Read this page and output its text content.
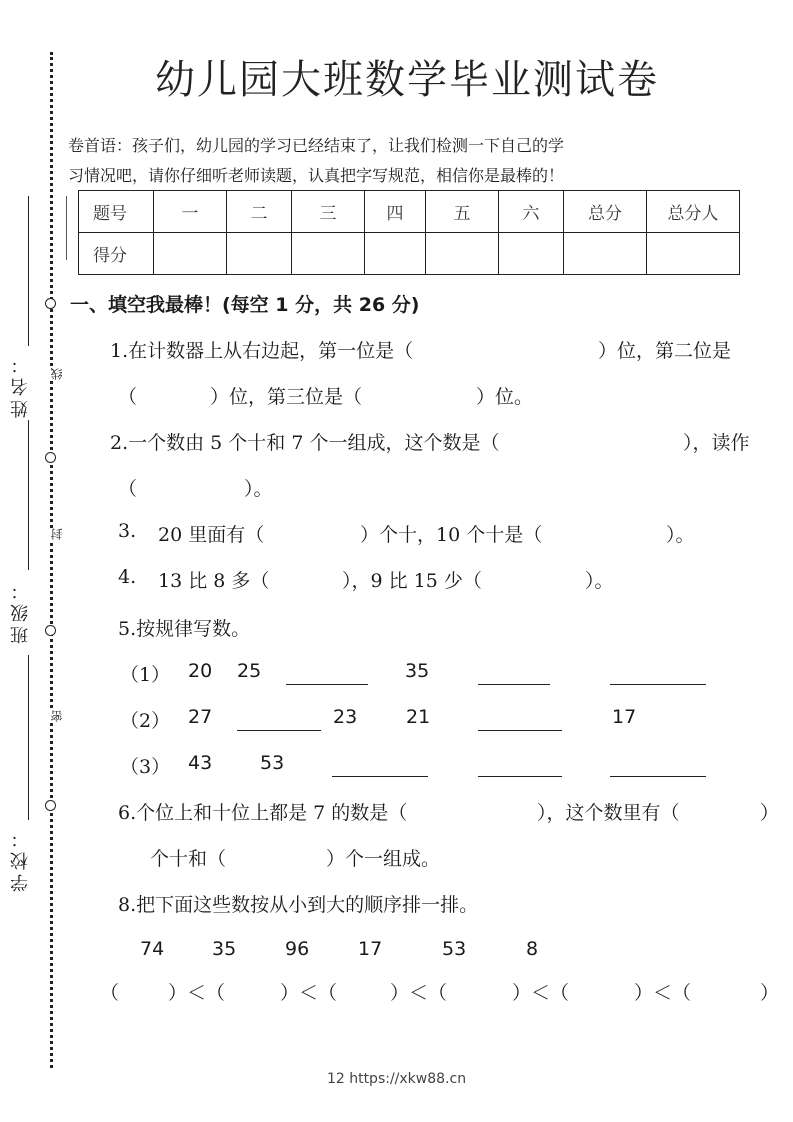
姓名：
班级：
学校：
线
封
密
幼儿园大班数学毕业测试卷
卷首语：孩子们，幼儿园的学习已经结束了，让我们检测一下自己的学
习情况吧，请你仔细听老师读题，认真把字写规范，相信你是最棒的！
题号	一	二	三	四	五	六	总分	总分人
得分								
一、填空我最棒！(每空 1 分，共 26 分)
1.在计数器上从右边起，第一位是（	）位，第二位是
（	）位，第三位是（	）位。
2.一个数由 5 个十和 7 个一组成，这个数是（	），读作
（	）。
3. 20 里面有（	）个十，10 个十是（	）。
4. 13 比 8 多（	），9 比 15 少（	）。
5.按规律写数。
（1） 20 25	35
（2） 27	23	21	17
（3） 43	53
6.个位上和十位上都是 7 的数是（	），这个数里有（	）
个十和（	）个一组成。
8.把下面这些数按从小到大的顺序排一排。
74	35	96	17	53	8
（	）＜（	）＜（	）＜（	）＜（	）＜（	）
12 https://xkw88.cn
